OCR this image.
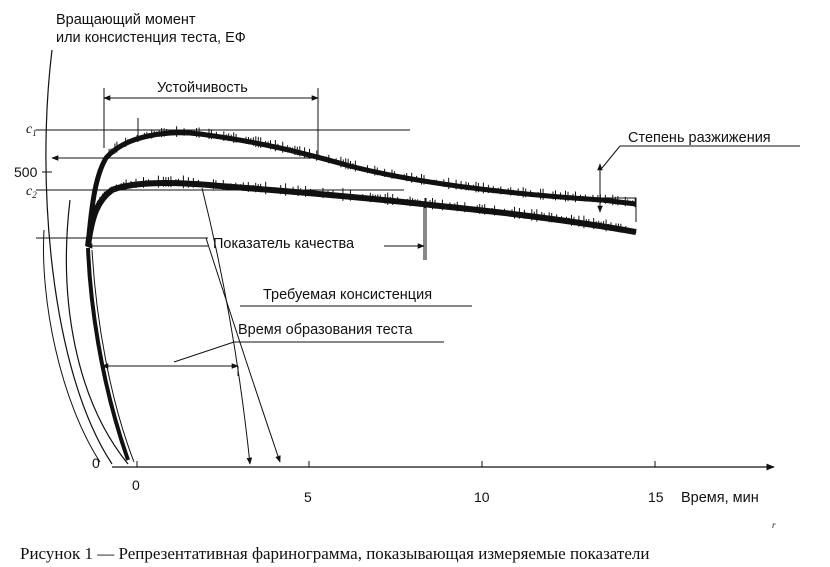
Вращающий момент
или консистенция теста, ЕФ
0
5	10	15 Время, мин
0
500
$c_1$
$c_2$
Устойчивость
Степень разжижения
Показатель качества
Требуемая консистенция
Время образования теста
r
Рисунок 1 — Репрезентативная фаринограмма, показывающая измеряемые показатели
